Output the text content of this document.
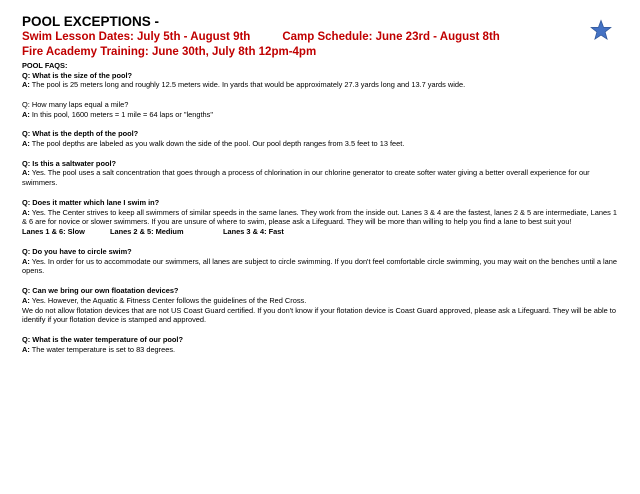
POOL EXCEPTIONS -
Swim Lesson Dates: July 5th - August 9th	Camp Schedule: June 23rd - August 8th
Fire Academy Training: June 30th, July 8th 12pm-4pm
POOL FAQS:
Q: What is the size of the pool?
A: The pool is 25 meters long and roughly 12.5 meters wide. In yards that would be approximately 27.3 yards long and 13.7 yards wide.
Q: How many laps equal a mile?
A: In this pool, 1600 meters = 1 mile = 64 laps or "lengths"
Q: What is the depth of the pool?
A: The pool depths are labeled as you walk down the side of the pool. Our pool depth ranges from 3.5 feet to 13 feet.
Q: Is this a saltwater pool?
A: Yes. The pool uses a salt concentration that goes through a process of chlorination in our chlorine generator to create softer water giving a better overall experience for our swimmers.
Q: Does it matter which lane I swim in?
A: Yes. The Center strives to keep all swimmers of similar speeds in the same lanes. They work from the inside out. Lanes 3 & 4 are the fastest, lanes 2 & 5 are intermediate, Lanes 1 & 6 are for novice or slower swimmers. If you are unsure of where to swim, please ask a Lifeguard. They will be more than willing to help you find a lane to best suit you!
Lanes 1 & 6: Slow	Lanes 2 & 5: Medium	Lanes 3 & 4: Fast
Q: Do you have to circle swim?
A: Yes. In order for us to accommodate our swimmers, all lanes are subject to circle swimming. If you don't feel comfortable circle swimming, you may wait on the benches until a lane opens.
Q: Can we bring our own floatation devices?
A: Yes. However, the Aquatic & Fitness Center follows the guidelines of the Red Cross.
We do not allow flotation devices that are not US Coast Guard certified. If you don't know if your flotation device is Coast Guard approved, please ask a Lifeguard. They will be able to identify if your flotation device is stamped and approved.
Q: What is the water temperature of our pool?
A: The water temperature is set to 83 degrees.
